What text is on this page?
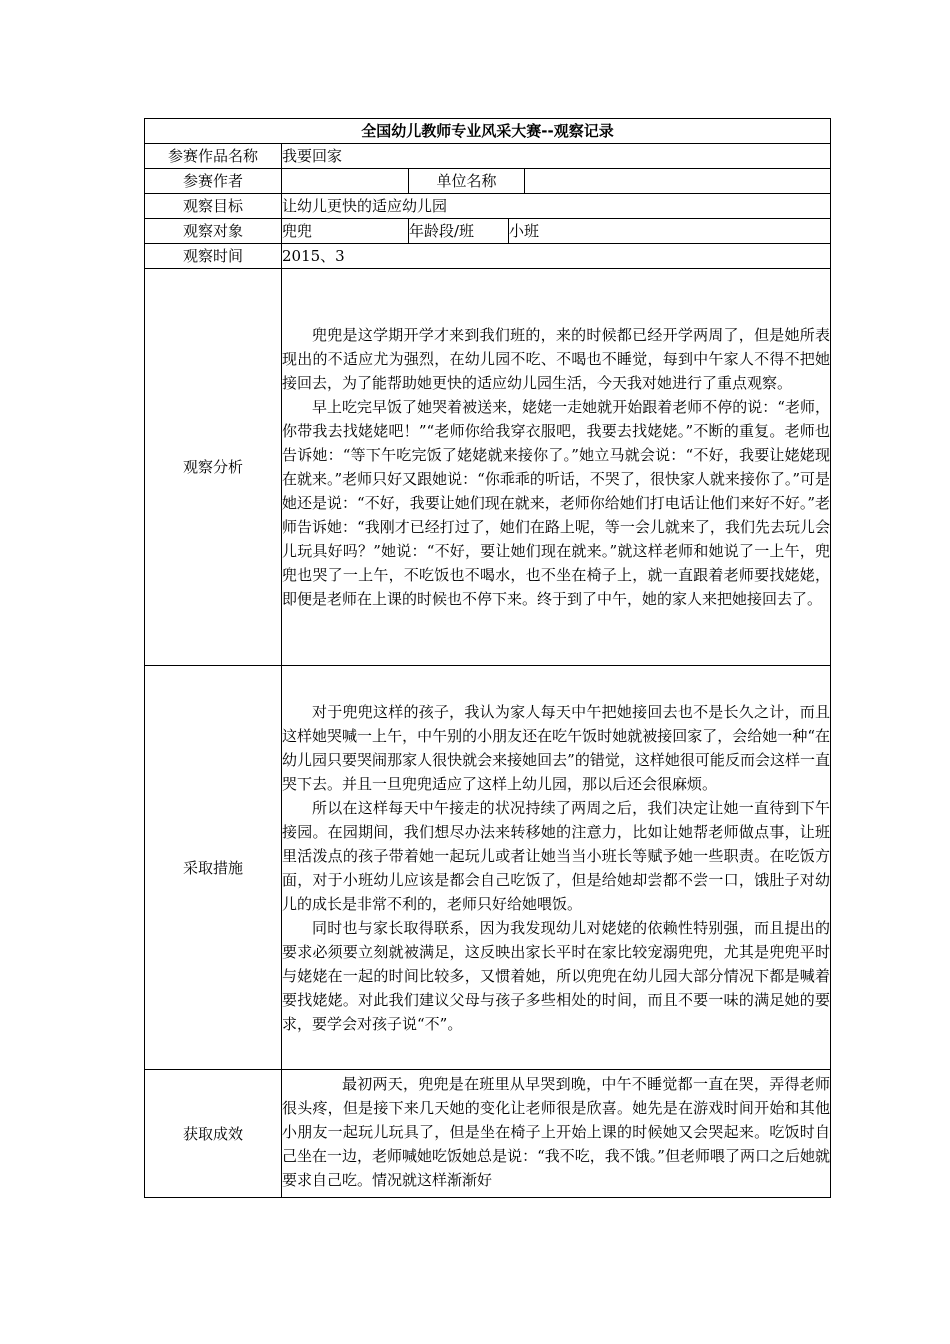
全国幼儿教师专业风采大赛--观察记录				
参赛作品名称	我要回家			
参赛作者		单位名称		
观察目标	让幼儿更快的适应幼儿园			
观察对象	兜兜	年龄段/班	小班	
观察时间	2015、3			
观察分析	兜兜是这学期开学才来到我们班的，来的时候都已经开学两周了，但是她所表现出的不适应尤为强烈，在幼儿园不吃、不喝也不睡觉，每到中午家人不得不把她接回去，为了能帮助她更快的适应幼儿园生活，今天我对她进行了重点观察。

早上吃完早饭了她哭着被送来，姥姥一走她就开始跟着老师不停的说：“老师，你带我去找姥姥吧！”“老师你给我穿衣服吧，我要去找姥姥。”不断的重复。老师也告诉她：“等下午吃完饭了姥姥就来接你了。”她立马就会说：“不好，我要让姥姥现在就来。”老师只好又跟她说：“你乖乖的听话，不哭了，很快家人就来接你了。”可是她还是说：“不好，我要让她们现在就来，老师你给她们打电话让他们来好不好。”老师告诉她：“我刚才已经打过了，她们在路上呢，等一会儿就来了，我们先去玩儿会儿玩具好吗？”她说：“不好，要让她们现在就来。”就这样老师和她说了一上午，兜兜也哭了一上午，不吃饭也不喝水，也不坐在椅子上，就一直跟着老师要找姥姥，即便是老师在上课的时候也不停下来。终于到了中午，她的家人来把她接回去了。			

采取措施	对于兜兜这样的孩子，我认为家人每天中午把她接回去也不是长久之计，而且这样她哭喊一上午，中午别的小朋友还在吃午饭时她就被接回家了，会给她一种“在幼儿园只要哭闹那家人很快就会来接她回去”的错觉，这样她很可能反而会这样一直哭下去。并且一旦兜兜适应了这样上幼儿园，那以后还会很麻烦。

所以在这样每天中午接走的状况持续了两周之后，我们决定让她一直待到下午接园。在园期间，我们想尽办法来转移她的注意力，比如让她帮老师做点事，让班里活泼点的孩子带着她一起玩儿或者让她当当小班长等赋予她一些职责。在吃饭方面，对于小班幼儿应该是都会自己吃饭了，但是给她却尝都不尝一口，饿肚子对幼儿的成长是非常不利的，老师只好给她喂饭。

同时也与家长取得联系，因为我发现幼儿对姥姥的依赖性特别强，而且提出的要求必须要立刻就被满足，这反映出家长平时在家比较宠溺兜兜，尤其是兜兜平时与姥姥在一起的时间比较多，又惯着她，所以兜兜在幼儿园大部分情况下都是喊着要找姥姥。对此我们建议父母与孩子多些相处的时间，而且不要一味的满足她的要求，要学会对孩子说“不”。			

获取成效	最初两天，兜兜是在班里从早哭到晚，中午不睡觉都一直在哭，弄得老师很头疼，但是接下来几天她的变化让老师很是欣喜。她先是在游戏时间开始和其他小朋友一起玩儿玩具了，但是坐在椅子上开始上课的时候她又会哭起来。吃饭时自己坐在一边，老师喊她吃饭她总是说：“我不吃，我不饿。”但老师喂了两口之后她就要求自己吃。情况就这样渐渐好			
